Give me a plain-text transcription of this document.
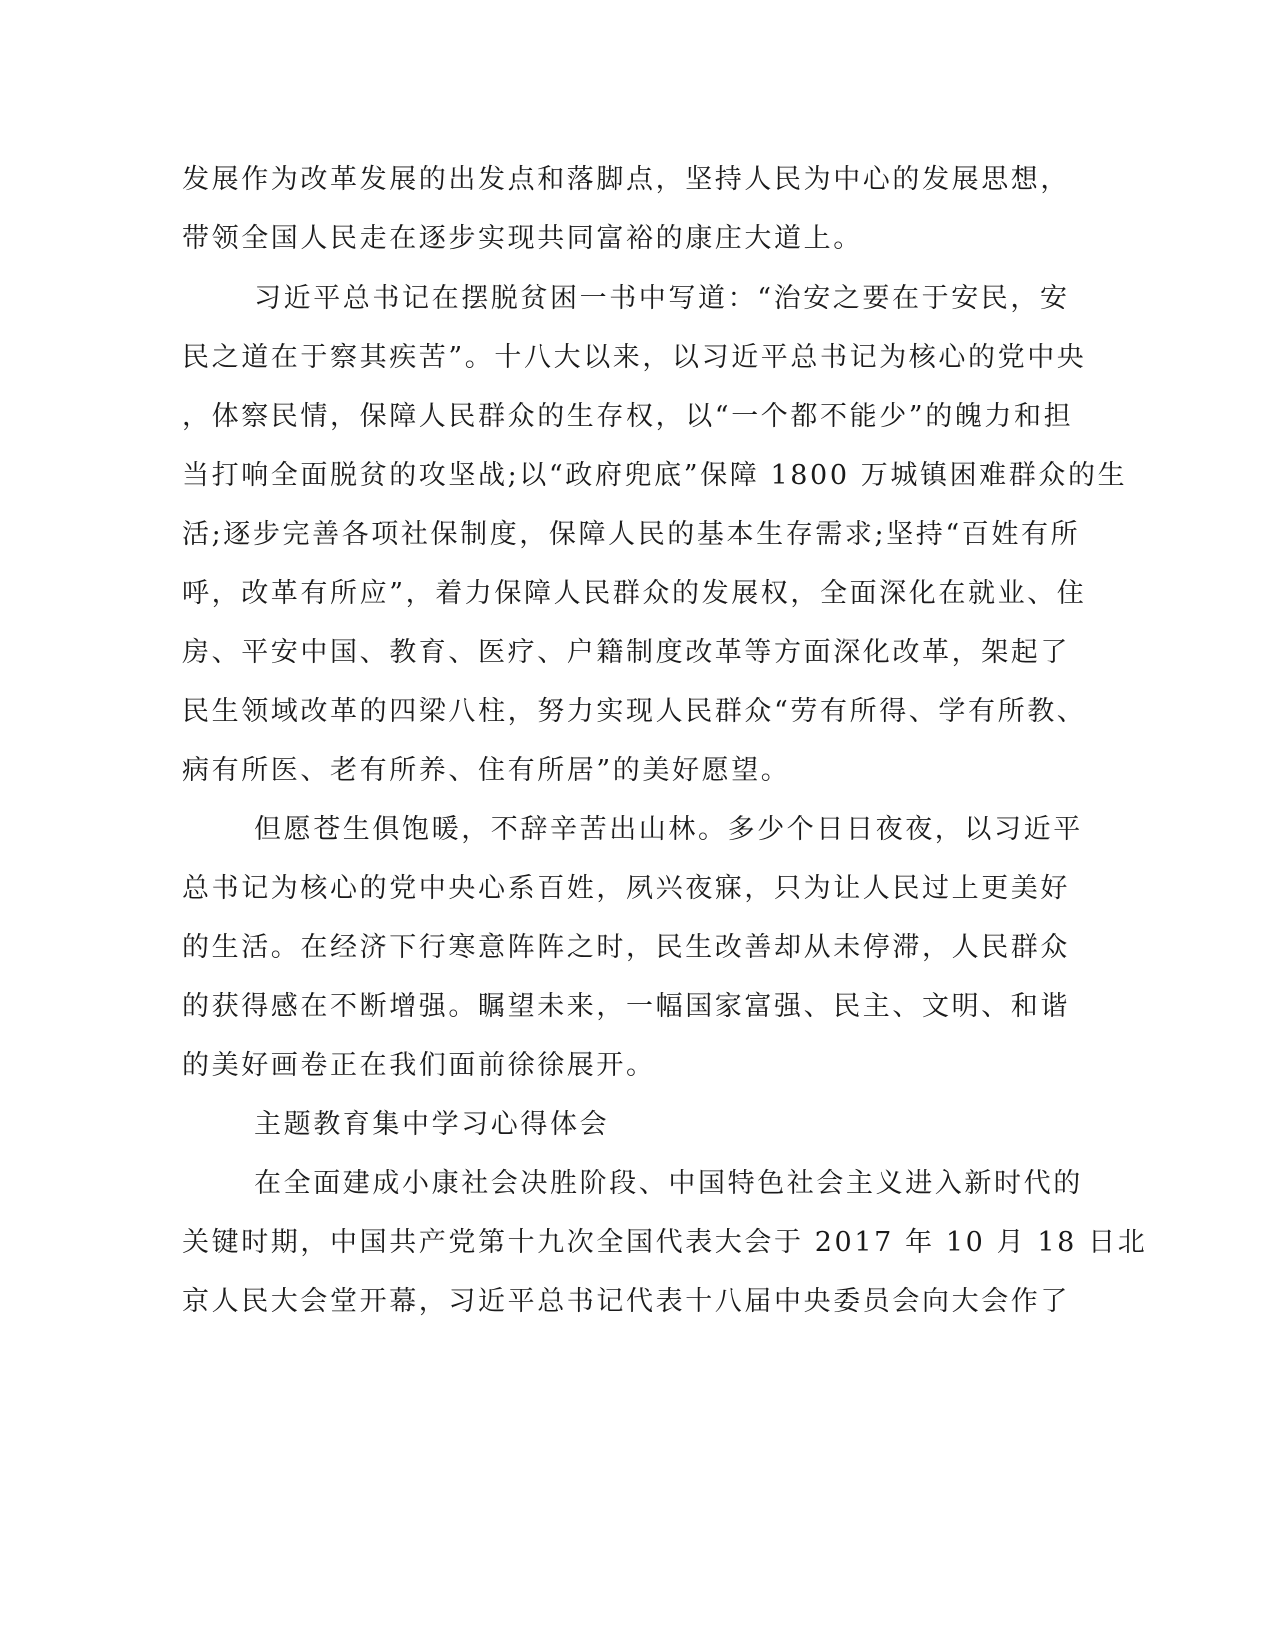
发展作为改革发展的出发点和落脚点，坚持人民为中心的发展思想，

带领全国人民走在逐步实现共同富裕的康庄大道上。

习近平总书记在摆脱贫困一书中写道：“治安之要在于安民，安

民之道在于察其疾苦”。十八大以来，以习近平总书记为核心的党中央

，体察民情，保障人民群众的生存权，以“一个都不能少”的魄力和担

当打响全面脱贫的攻坚战;以“政府兜底”保障 1800 万城镇困难群众的生

活;逐步完善各项社保制度，保障人民的基本生存需求;坚持“百姓有所

呼，改革有所应”，着力保障人民群众的发展权，全面深化在就业、住

房、平安中国、教育、医疗、户籍制度改革等方面深化改革，架起了

民生领域改革的四梁八柱，努力实现人民群众“劳有所得、学有所教、

病有所医、老有所养、住有所居”的美好愿望。

但愿苍生俱饱暖，不辞辛苦出山林。多少个日日夜夜，以习近平

总书记为核心的党中央心系百姓，夙兴夜寐，只为让人民过上更美好

的生活。在经济下行寒意阵阵之时，民生改善却从未停滞，人民群众

的获得感在不断增强。瞩望未来，一幅国家富强、民主、文明、和谐

的美好画卷正在我们面前徐徐展开。

主题教育集中学习心得体会

在全面建成小康社会决胜阶段、中国特色社会主义进入新时代的

关键时期，中国共产党第十九次全国代表大会于 2017 年 10 月 18 日北

京人民大会堂开幕，习近平总书记代表十八届中央委员会向大会作了
